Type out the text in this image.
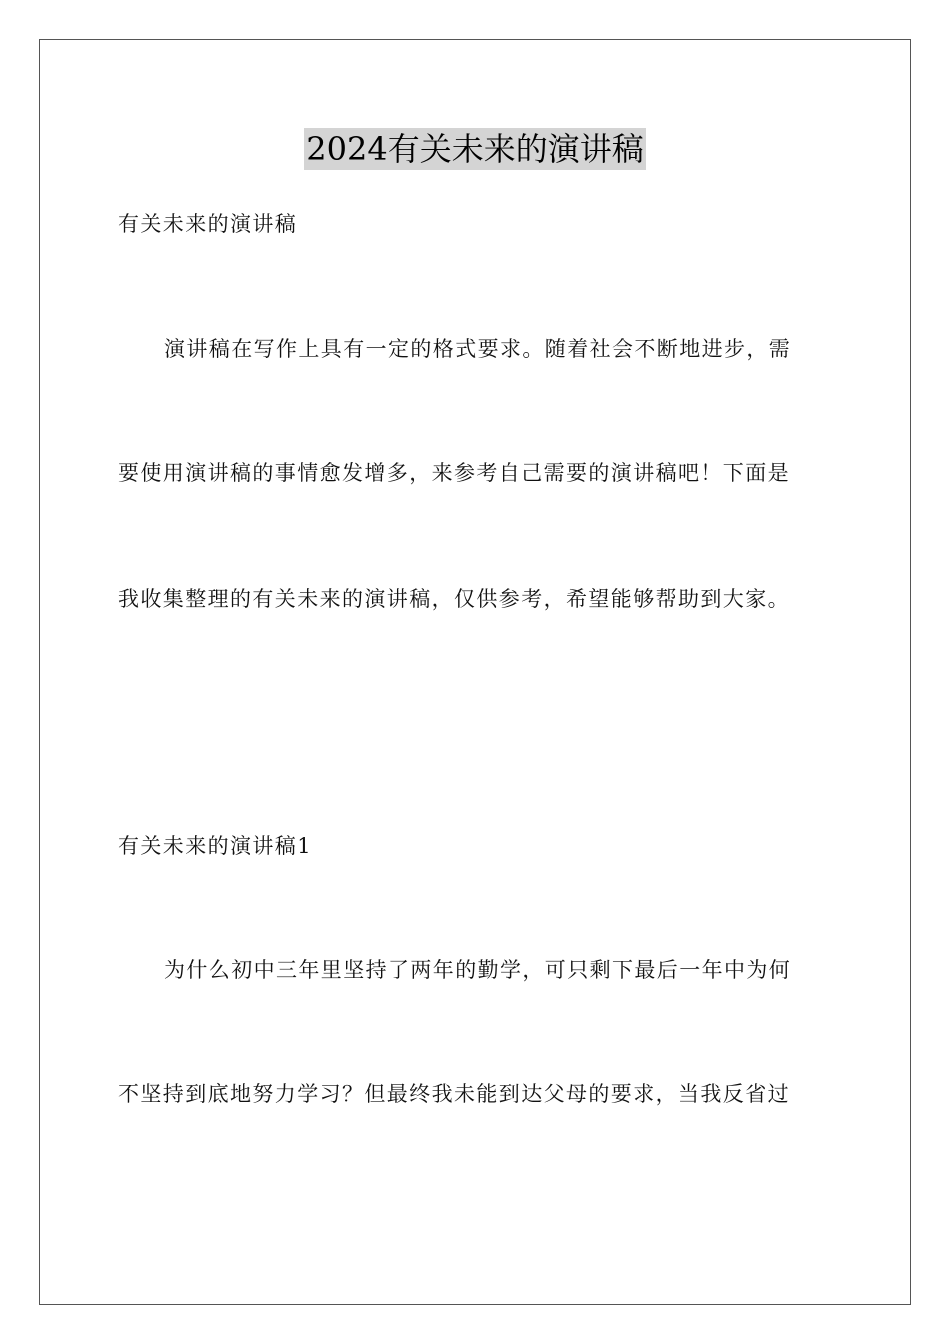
2024有关未来的演讲稿
有关未来的演讲稿
演讲稿在写作上具有一定的格式要求。随着社会不断地进步，需
要使用演讲稿的事情愈发增多，来参考自己需要的演讲稿吧！下面是
我收集整理的有关未来的演讲稿，仅供参考，希望能够帮助到大家。
有关未来的演讲稿1
为什么初中三年里坚持了两年的勤学，可只剩下最后一年中为何
不坚持到底地努力学习？但最终我未能到达父母的要求，当我反省过
